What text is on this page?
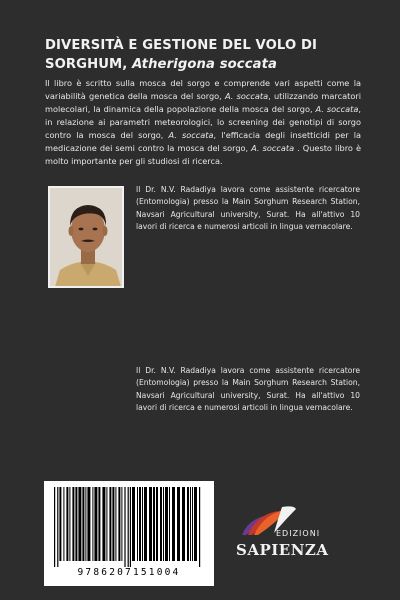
DIVERSITÀ E GESTIONE DEL VOLO DI SORGHUM, Atherigona soccata
Il libro è scritto sulla mosca del sorgo e comprende vari aspetti come la variabilità genetica della mosca del sorgo, A. soccata, utilizzando marcatori molecolari, la dinamica della popolazione della mosca del sorgo, A. soccata, in relazione ai parametri meteorologici, lo screening dei genotipi di sorgo contro la mosca del sorgo, A. soccata, l'efficacia degli insetticidi per la medicazione dei semi contro la mosca del sorgo, A. soccata . Questo libro è molto importante per gli studiosi di ricerca.
Il Dr. N.V. Radadiya lavora come assistente ricercatore (Entomologia) presso la Main Sorghum Research Station, Navsari Agricultural university, Surat. Ha all'attivo 10 lavori di ricerca e numerosi articoli in lingua vernacolare.
Il Dr. N.V. Radadiya lavora come assistente ricercatore (Entomologia) presso la Main Sorghum Research Station, Navsari Agricultural university, Surat. Ha all'attivo 10 lavori di ricerca e numerosi articoli in lingua vernacolare.
9786207151004
EDIZIONI
SAPIENZA
